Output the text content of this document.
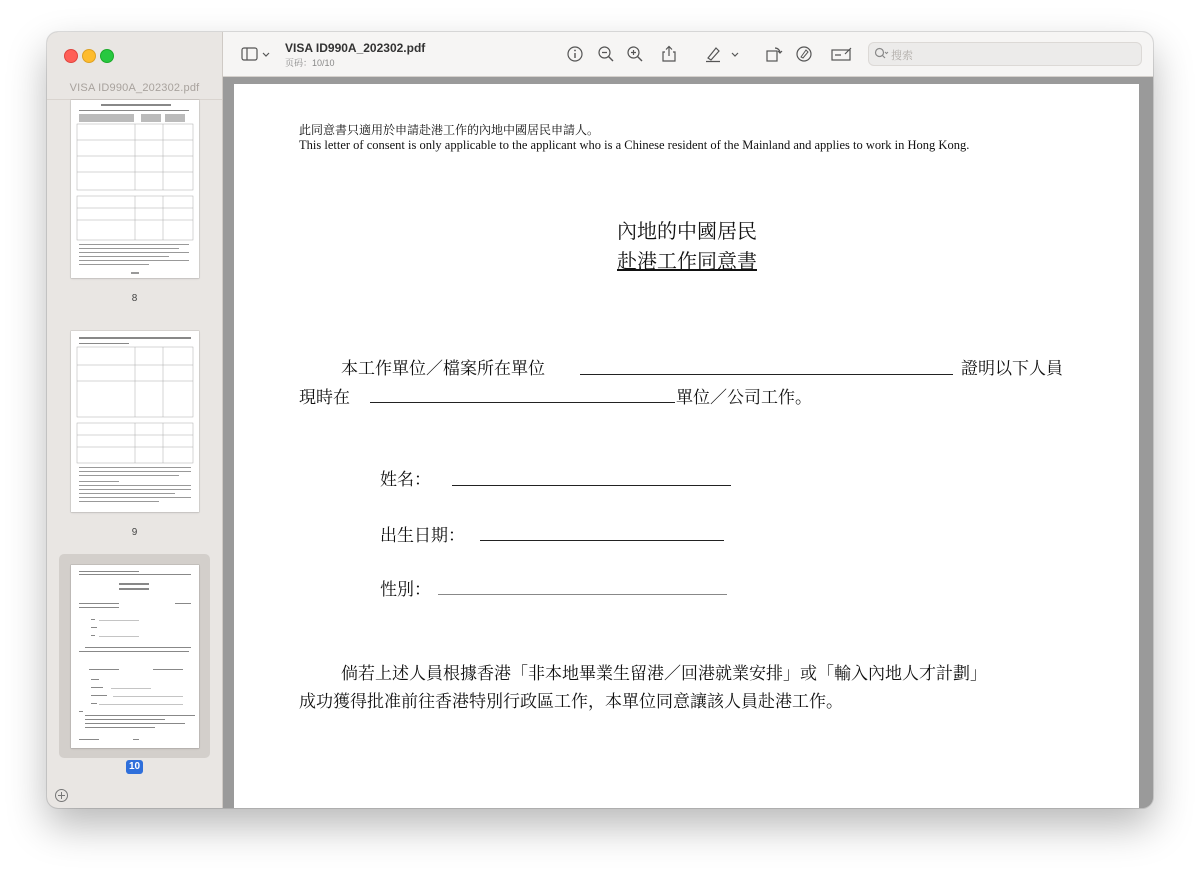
VISA ID990A_202302.pdf
8
9
10
VISA ID990A_202302.pdf
页码：10/10
搜索
此同意書只適用於申請赴港工作的內地中國居民申請人。
This letter of consent is only applicable to the applicant who is a Chinese resident of the Mainland and applies to work in Hong Kong.
內地的中國居民
赴港工作同意書
本工作單位／檔案所在單位	證明以下人員
現時在	單位／公司工作。
姓名：
出生日期：
性別：
倘若上述人員根據香港「非本地畢業生留港／回港就業安排」或「輸入內地人才計劃」
成功獲得批准前往香港特別行政區工作，本單位同意讓該人員赴港工作。
